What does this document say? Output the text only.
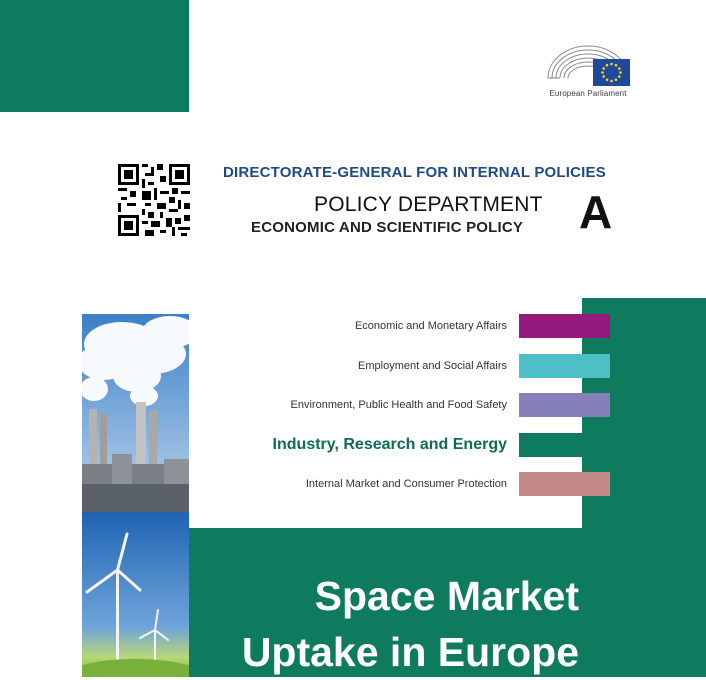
European Parliament
DIRECTORATE-GENERAL FOR INTERNAL POLICIES
POLICY DEPARTMENT
ECONOMIC AND SCIENTIFIC POLICY A
Economic and Monetary Affairs
Employment and Social Affairs
Environment, Public Health and Food Safety
Industry, Research and Energy
Internal Market and Consumer Protection
Space Market
Uptake in Europe
